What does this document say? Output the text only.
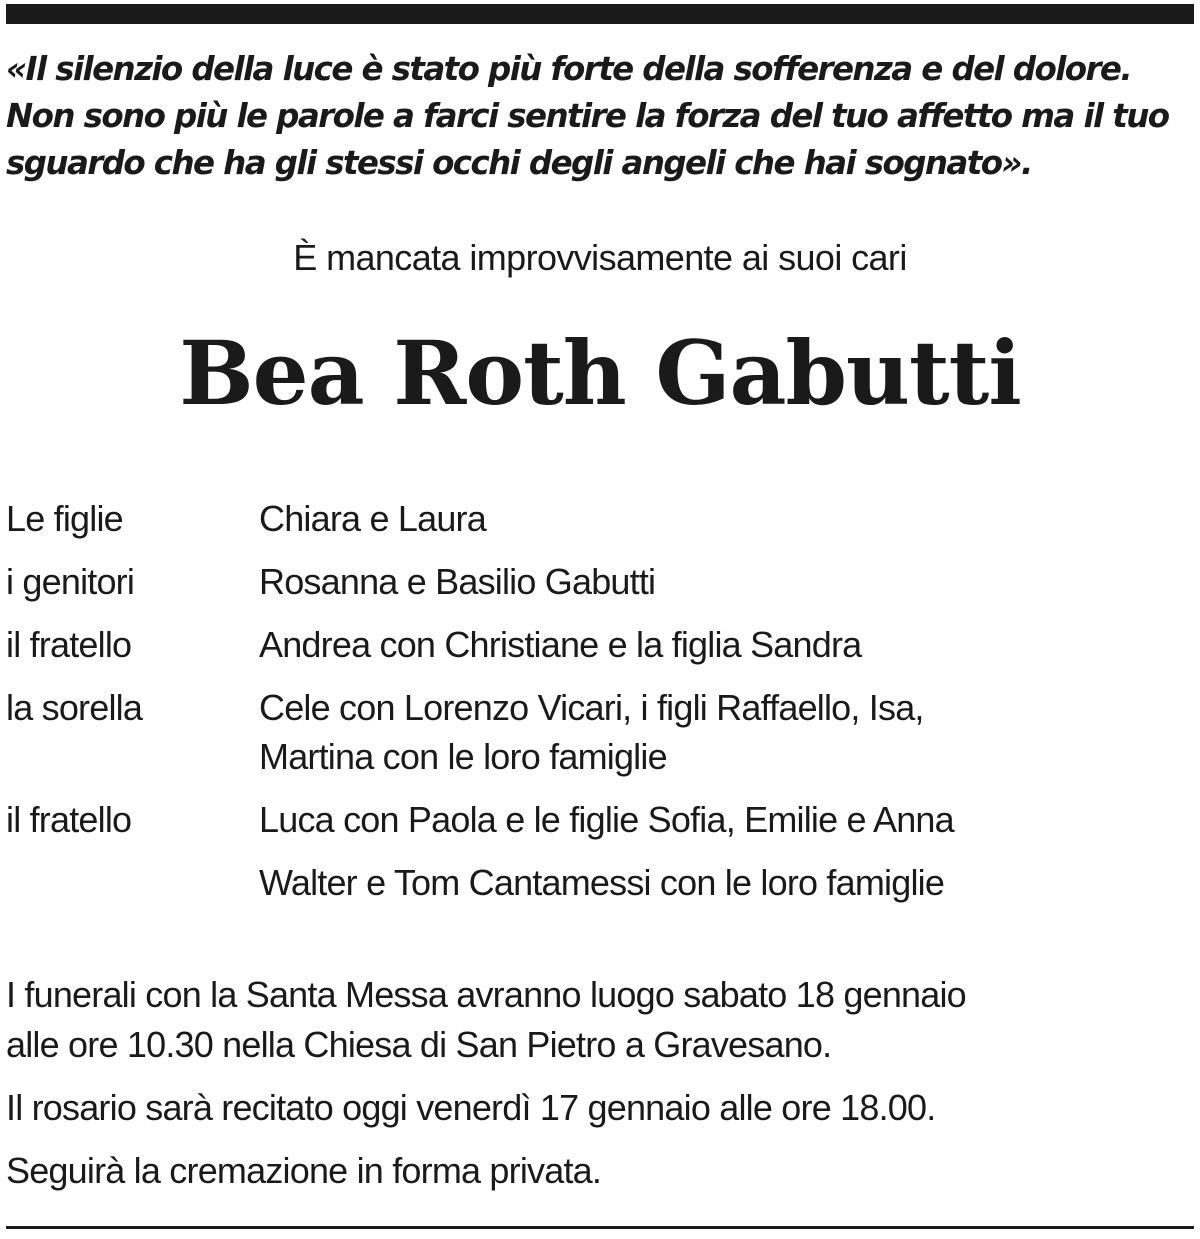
«Il silenzio della luce è stato più forte della sofferenza e del dolore.
Non sono più le parole a farci sentire la forza del tuo affetto ma il tuo
sguardo che ha gli stessi occhi degli angeli che hai sognato».

È mancata improvvisamente ai suoi cari

Bea Roth Gabutti
Le figlie	Chiara e Laura
i genitori	Rosanna e Basilio Gabutti
il fratello	Andrea con Christiane e la figlia Sandra
la sorella	Cele con Lorenzo Vicari, i figli Raffaello, Isa,
Martina con le loro famiglie
il fratello	Luca con Paola e le figlie Sofia, Emilie e Anna
Walter e Tom Cantamessi con le loro famiglie

I funerali con la Santa Messa avranno luogo sabato 18 gennaio
alle ore 10.30 nella Chiesa di San Pietro a Gravesano.

Il rosario sarà recitato oggi venerdì 17 gennaio alle ore 18.00.

Seguirà la cremazione in forma privata.
